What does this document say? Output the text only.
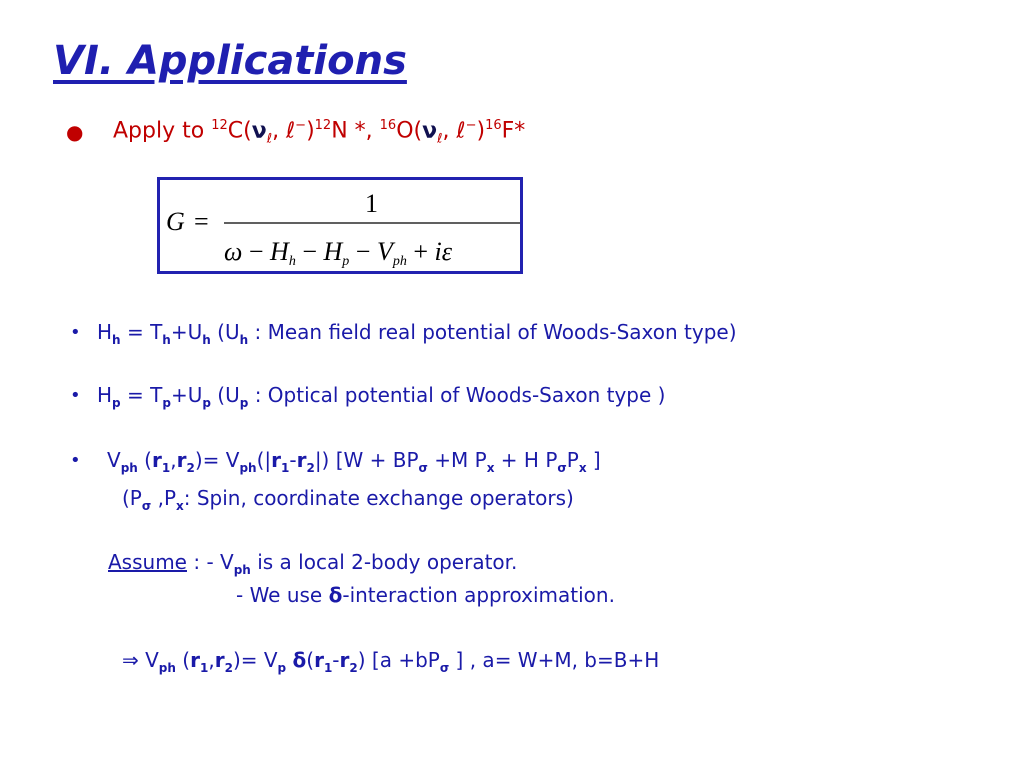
VI. Applications
● Apply to $^{12}C(\nu_\ell$, ℓ−)$^{12}$N *, $^{16}O(\nu_\ell$, ℓ−)$^{16}$F*
G =
1
ω − Hh − Hp − Vph + iε
• $H_h = T_h+U_h$ ($U_h$ : Mean field real potential of Woods-Saxon type)
• $H_p = T_p+U_p$ ($U_p$ : Optical potential of Woods-Saxon type )
• $V_{ph}$ $(r_1,r_2)= V_{ph}(|r_1-r_2|) [W + BP_\sigma +M$ $P_x + H$ $P_\sigma P_x$ ]
($P_\sigma$ $,P_x$: Spin, coordinate exchange operators)
Assume : - $V_{ph}$ is a local 2-body operator.
- We use δ-interaction approximation.
⇒ $V_{ph}$ $(r_1,r_2)= V_p$ $\delta(r_1-r_2)$ [$a +bP_\sigma$ ] , a= W+M, b=B+H
